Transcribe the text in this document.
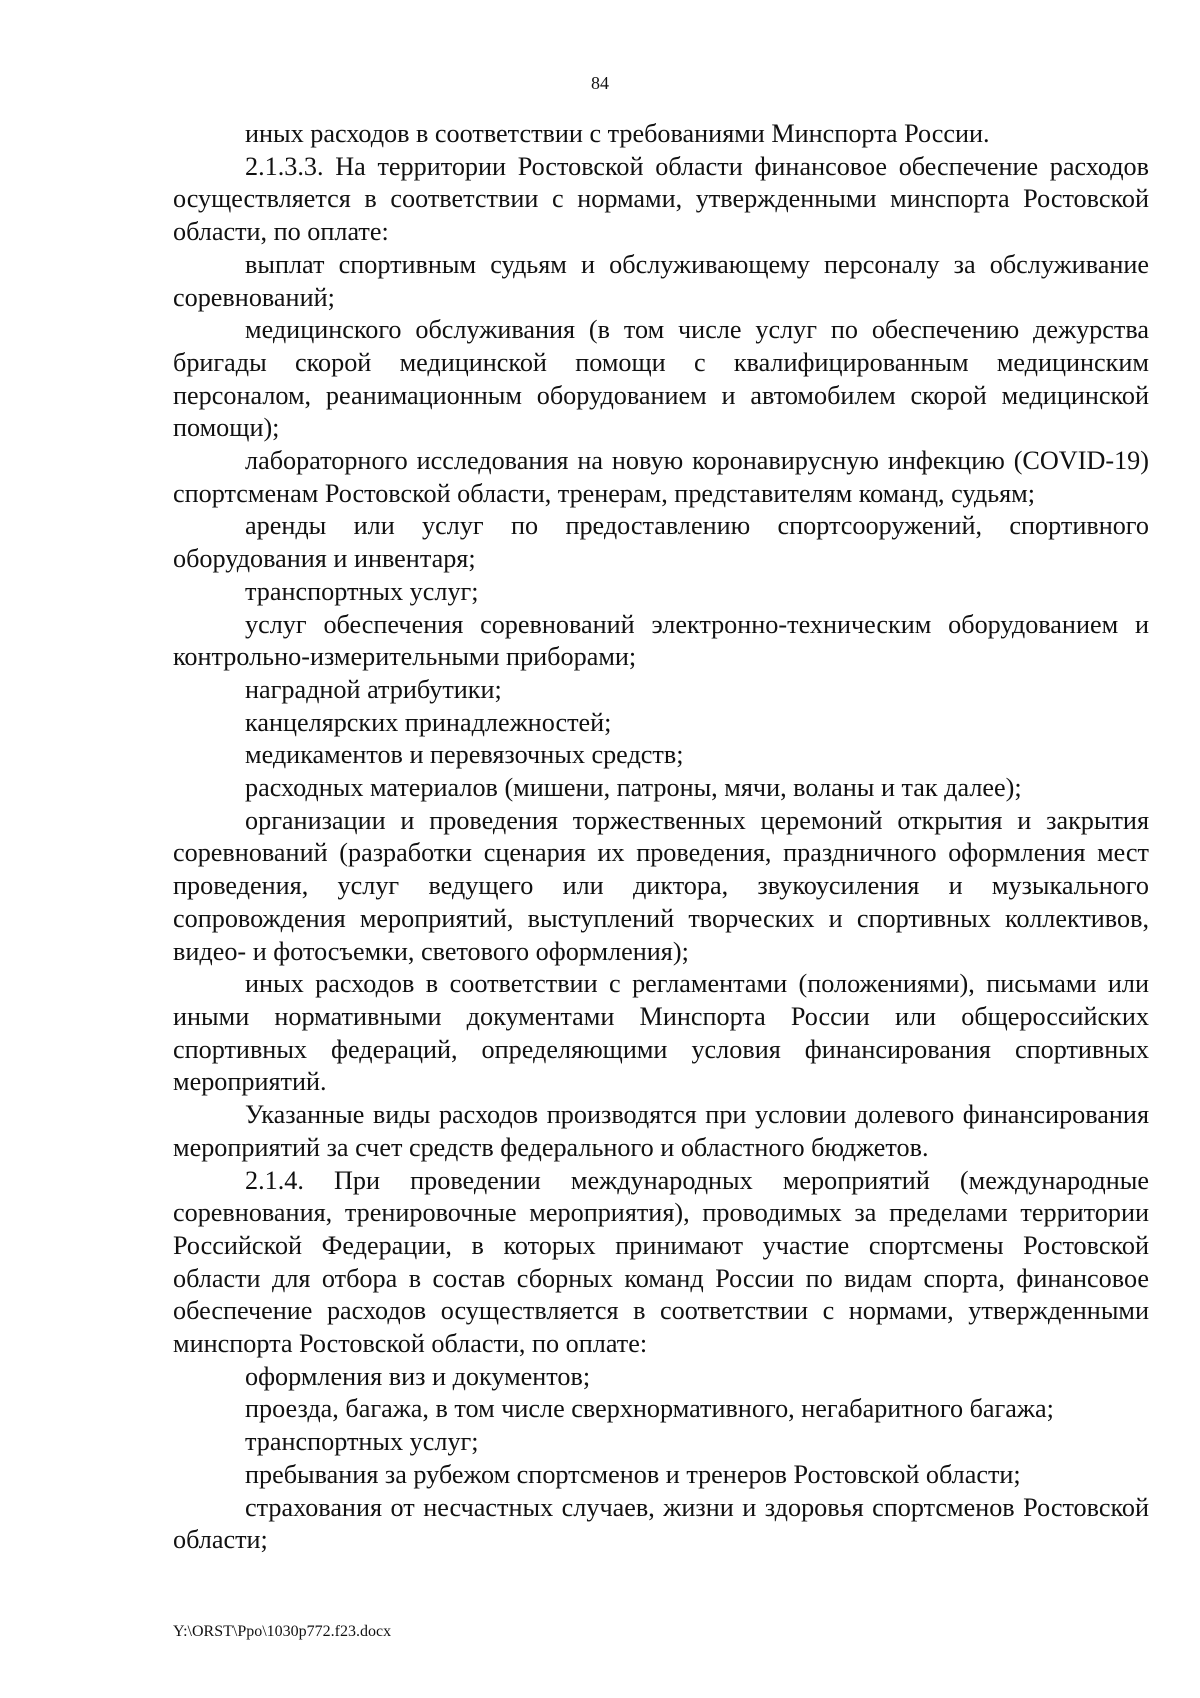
84

иных расходов в соответствии с требованиями Минспорта России.

2.1.3.3. На территории Ростовской области финансовое обеспечение расходов осуществляется в соответствии с нормами, утвержденными минспорта Ростовской области, по оплате:

выплат спортивным судьям и обслуживающему персоналу за обслуживание соревнований;

медицинского обслуживания (в том числе услуг по обеспечению дежурства бригады скорой медицинской помощи с квалифицированным медицинским персоналом, реанимационным оборудованием и автомобилем скорой медицинской помощи);

лабораторного исследования на новую коронавирусную инфекцию (COVID-19) спортсменам Ростовской области, тренерам, представителям команд, судьям;

аренды или услуг по предоставлению спортсооружений, спортивного оборудования и инвентаря;

транспортных услуг;

услуг обеспечения соревнований электронно-техническим оборудованием и контрольно-измерительными приборами;

наградной атрибутики;

канцелярских принадлежностей;

медикаментов и перевязочных средств;

расходных материалов (мишени, патроны, мячи, воланы и так далее);

организации и проведения торжественных церемоний открытия и закрытия соревнований (разработки сценария их проведения, праздничного оформления мест проведения, услуг ведущего или диктора, звукоусиления и музыкального сопровождения мероприятий, выступлений творческих и спортивных коллективов, видео- и фотосъемки, светового оформления);

иных расходов в соответствии с регламентами (положениями), письмами или иными нормативными документами Минспорта России или общероссийских спортивных федераций, определяющими условия финансирования спортивных мероприятий.

Указанные виды расходов производятся при условии долевого финансирования мероприятий за счет средств федерального и областного бюджетов.

2.1.4. При проведении международных мероприятий (международные соревнования, тренировочные мероприятия), проводимых за пределами территории Российской Федерации, в которых принимают участие спортсмены Ростовской области для отбора в состав сборных команд России по видам спорта, финансовое обеспечение расходов осуществляется в соответствии с нормами, утвержденными минспорта Ростовской области, по оплате:

оформления виз и документов;

проезда, багажа, в том числе сверхнормативного, негабаритного багажа;

транспортных услуг;

пребывания за рубежом спортсменов и тренеров Ростовской области;

страхования от несчастных случаев, жизни и здоровья спортсменов Ростовской области;

Y:\ORST\Ppo\1030p772.f23.docx
